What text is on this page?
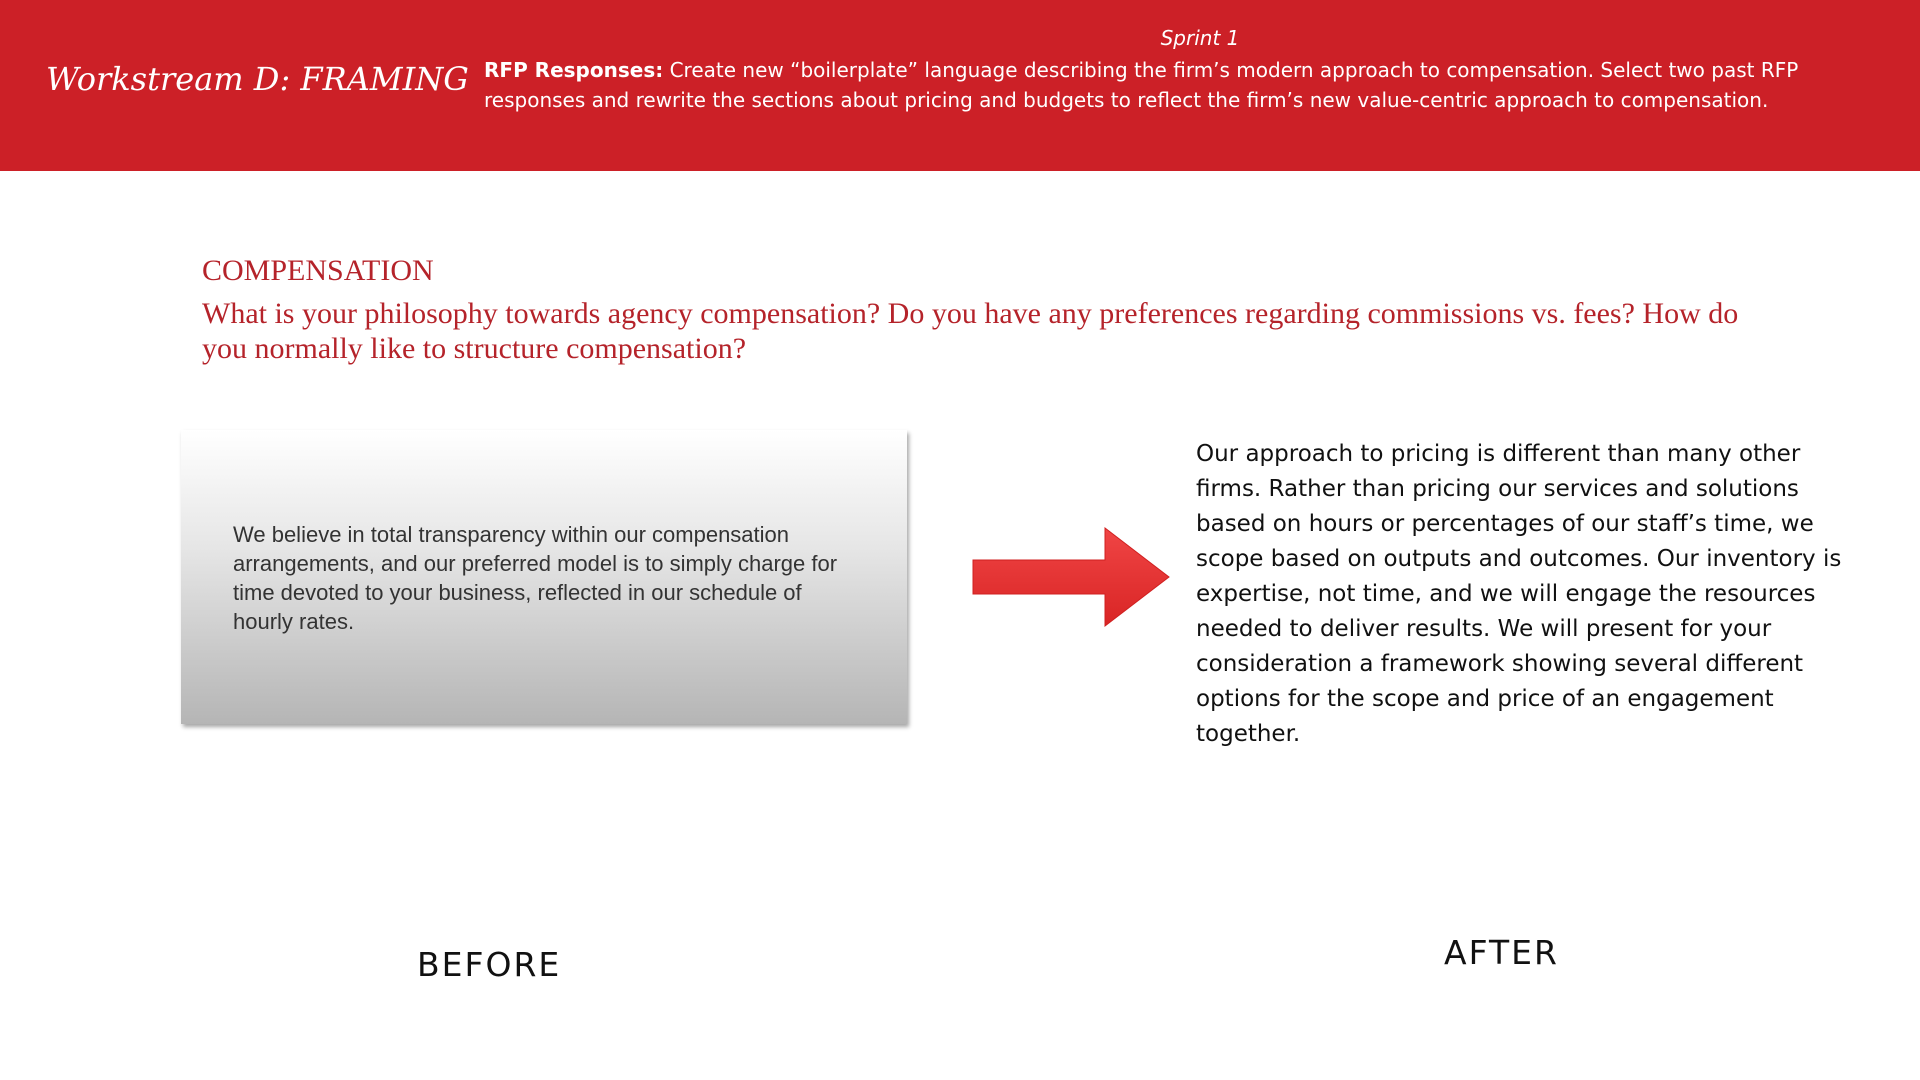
Workstream D: FRAMING
Sprint 1
RFP Responses: Create new “boilerplate” language describing the firm’s modern approach to compensation. Select two past RFP responses and rewrite the sections about pricing and budgets to reflect the firm’s new value-centric approach to compensation.
COMPENSATION
What is your philosophy towards agency compensation? Do you have any preferences regarding commissions vs. fees? How do you normally like to structure compensation?
We believe in total transparency within our compensation arrangements, and our preferred model is to simply charge for time devoted to your business, reflected in our schedule of hourly rates.
Our approach to pricing is different than many other firms. Rather than pricing our services and solutions based on hours or percentages of our staff’s time, we scope based on outputs and outcomes. Our inventory is expertise, not time, and we will engage the resources needed to deliver results. We will present for your consideration a framework showing several different options for the scope and price of an engagement together.
BEFORE	AFTER
